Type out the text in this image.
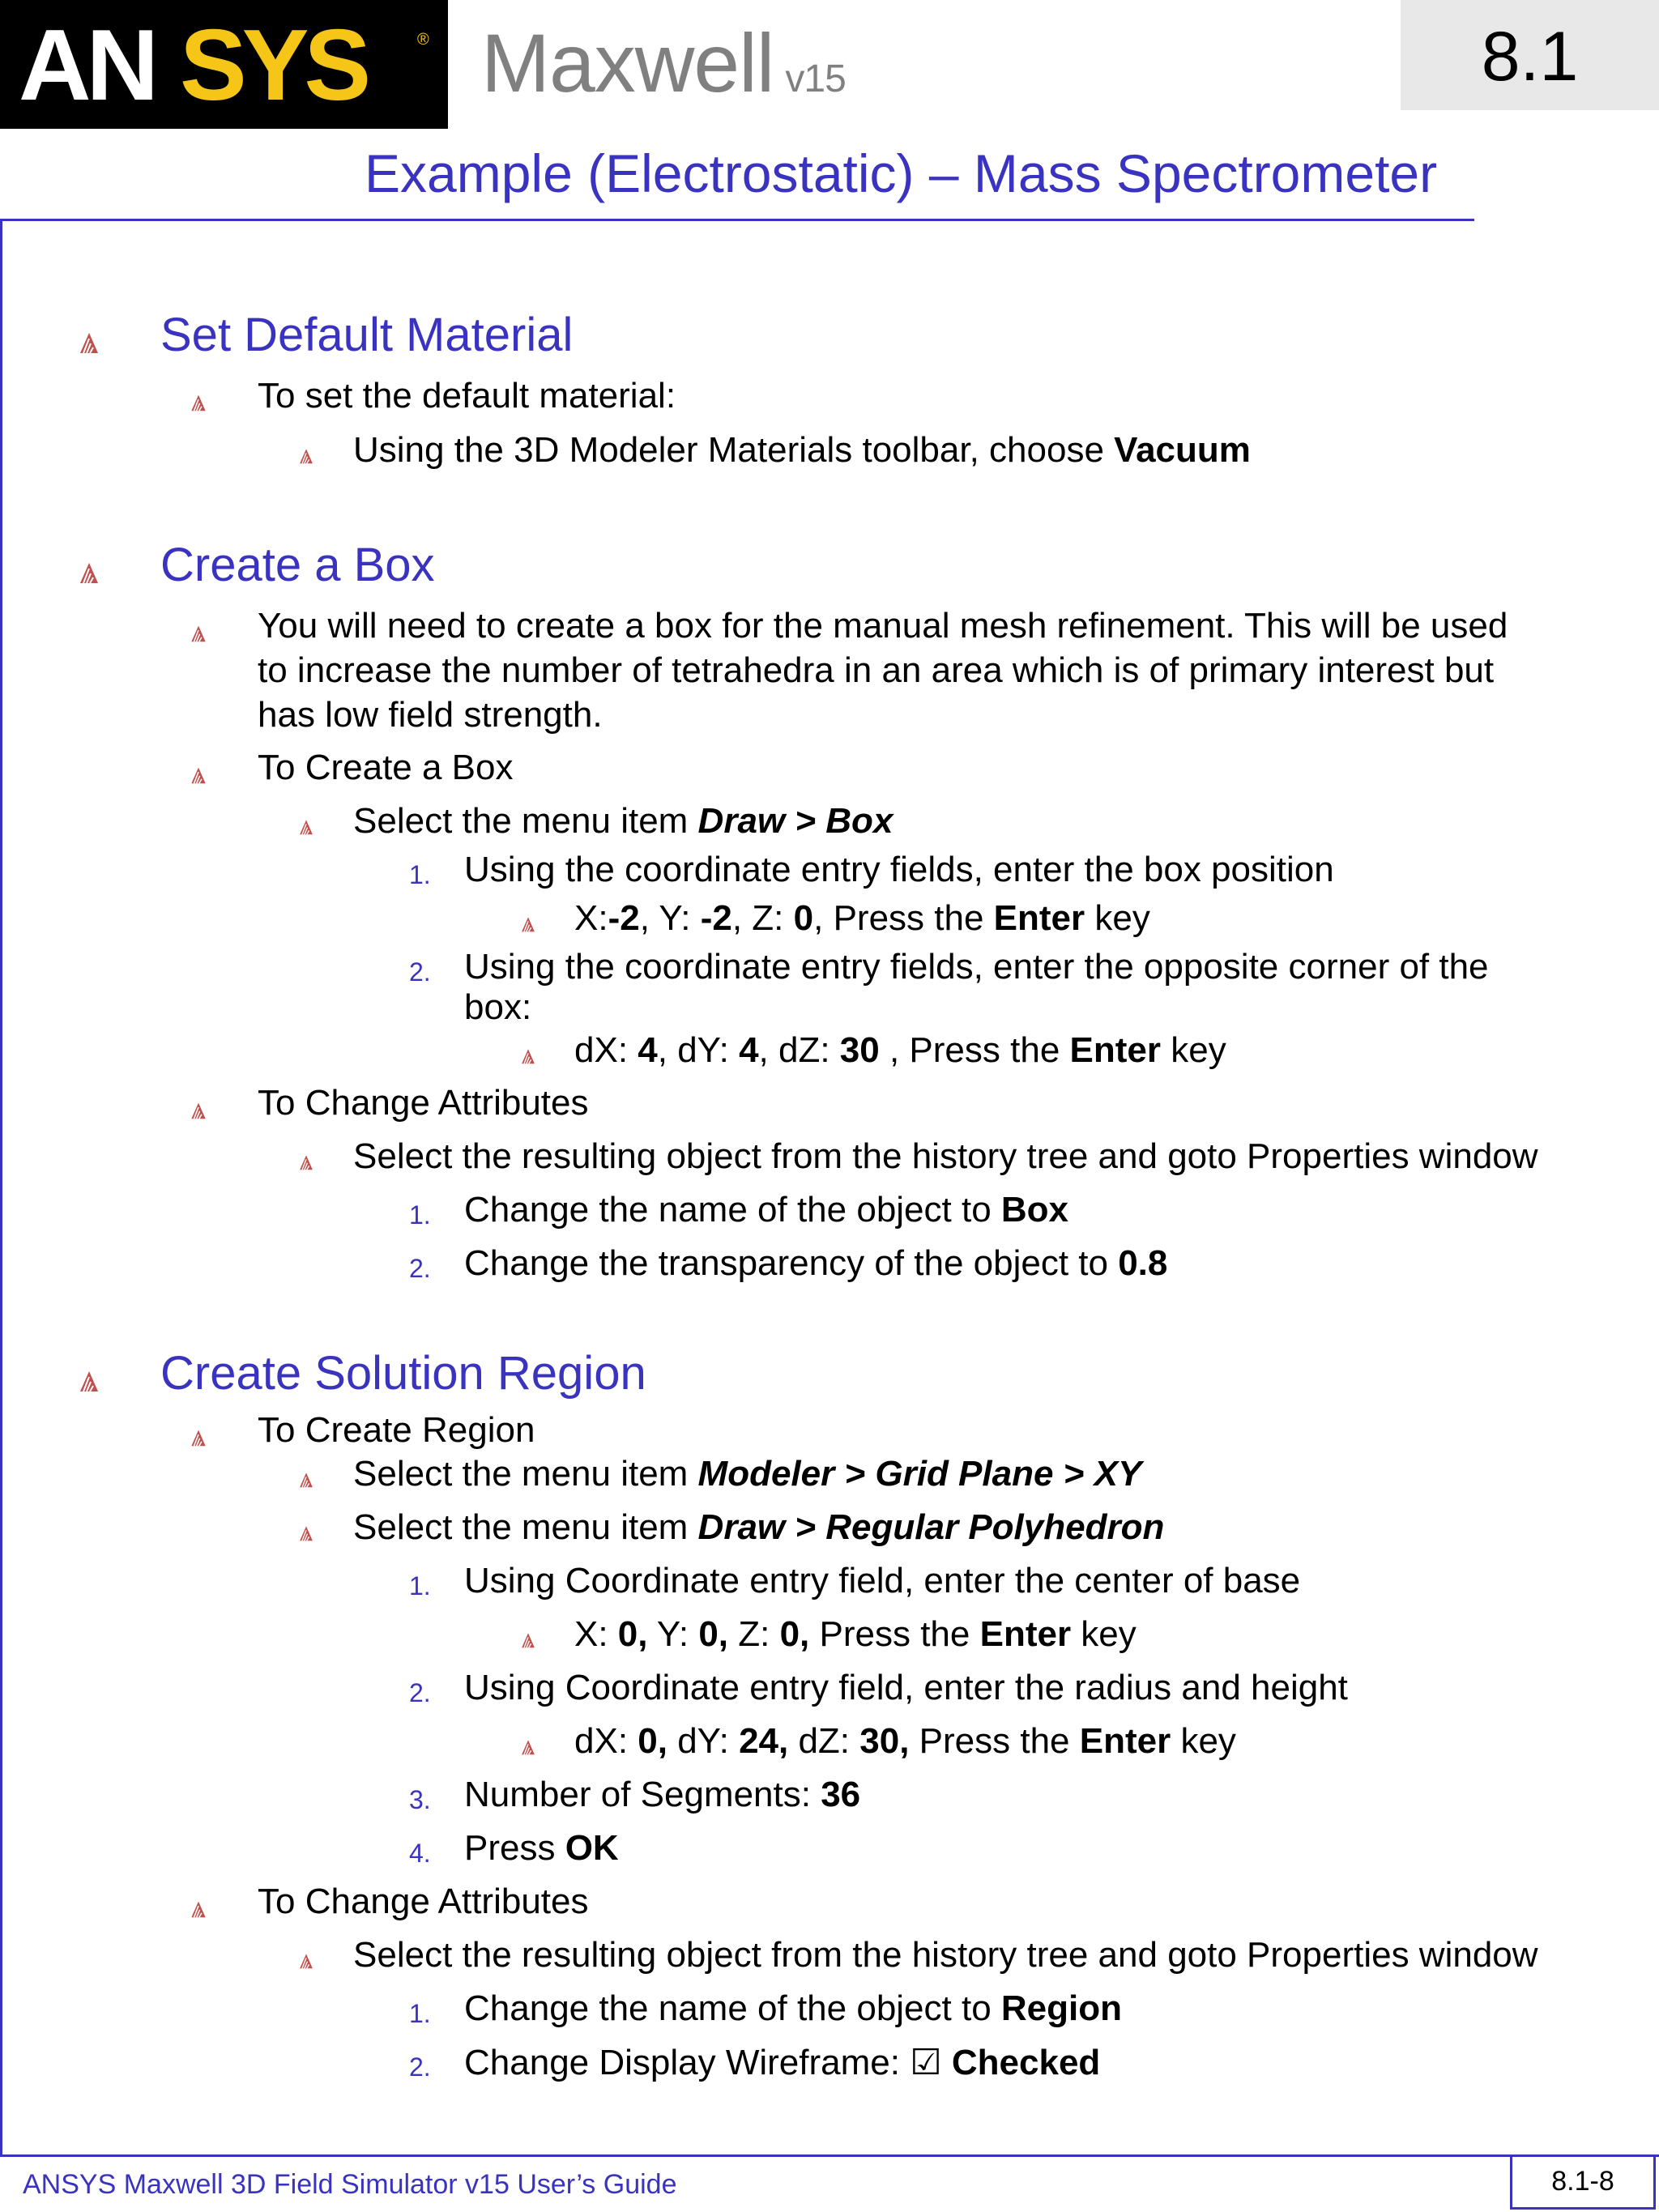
AN SYS	® Maxwell v15	8.1
Example (Electrostatic) – Mass Spectrometer
Set Default Material
To set the default material:
Using the 3D Modeler Materials toolbar, choose Vacuum
Create a Box
You will need to create a box for the manual mesh refinement. This will be used
to increase the number of tetrahedra in an area which is of primary interest but
has low field strength.
To Create a Box
Select the menu item Draw > Box
1. Using the coordinate entry fields, enter the box position
X:-2, Y: -2, Z: 0, Press the Enter key
2. Using the coordinate entry fields, enter the opposite corner of the
box:
dX: 4, dY: 4, dZ: 30 , Press the Enter key
To Change Attributes
Select the resulting object from the history tree and goto Properties window
1. Change the name of the object to Box
2. Change the transparency of the object to 0.8
Create Solution Region
To Create Region
Select the menu item Modeler > Grid Plane > XY
Select the menu item Draw > Regular Polyhedron
1. Using Coordinate entry field, enter the center of base
X: 0, Y: 0, Z: 0, Press the Enter key
2. Using Coordinate entry field, enter the radius and height
dX: 0, dY: 24, dZ: 30, Press the Enter key
3. Number of Segments: 36
4. Press OK
To Change Attributes
Select the resulting object from the history tree and goto Properties window
1. Change the name of the object to Region
2. Change Display Wireframe: ☑ Checked
ANSYS Maxwell 3D Field Simulator v15 User’s Guide	8.1-8
